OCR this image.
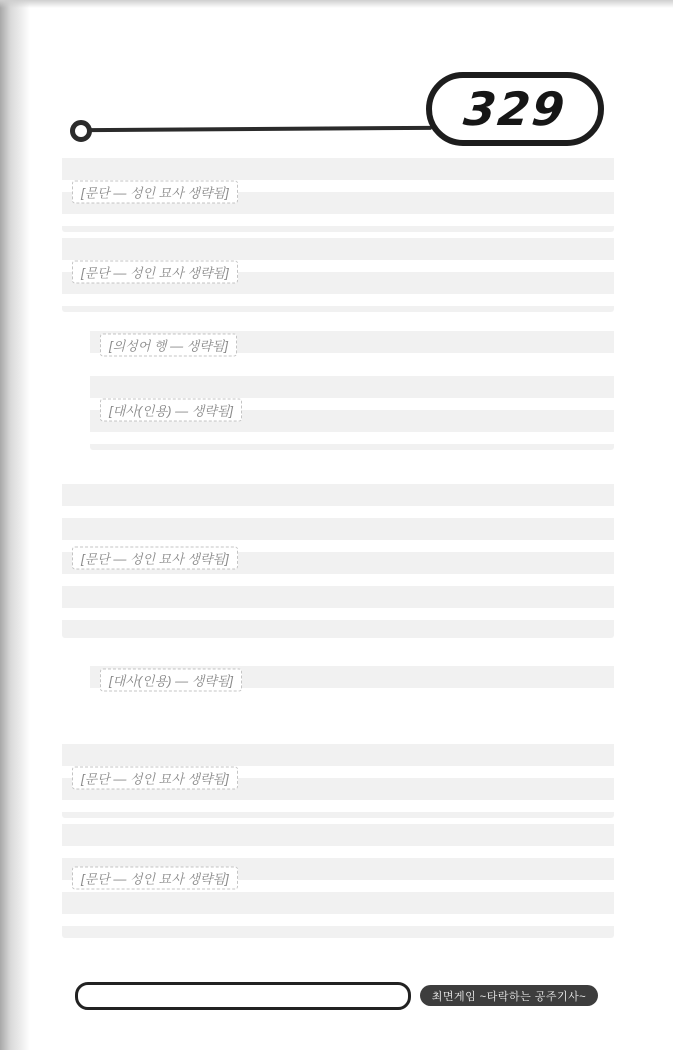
329
[문단 — 성인 묘사 생략됨]
[문단 — 성인 묘사 생략됨]
[의성어 행 — 생략됨]
[대사(인용) — 생략됨]
[문단 — 성인 묘사 생략됨]
[대사(인용) — 생략됨]
[문단 — 성인 묘사 생략됨]
[문단 — 성인 묘사 생략됨]
최면게임 ~타락하는 공주기사~
